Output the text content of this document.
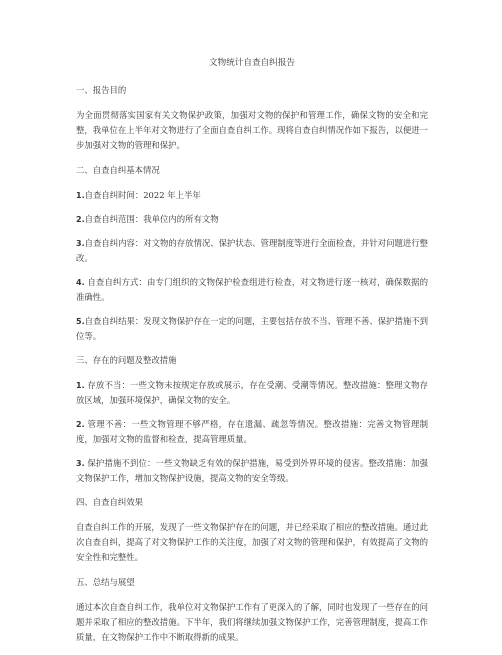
文物统计自查自纠报告
一、报告目的
为全面贯彻落实国家有关文物保护政策，加强对文物的保护和管理工作，确保文物的安全和完整，我单位在上半年对文物进行了全面自查自纠工作。现将自查自纠情况作如下报告，以便进一步加强对文物的管理和保护。
二、自查自纠基本情况
1.自查自纠时间：2022 年上半年
2.自查自纠范围：我单位内的所有文物
3.自查自纠内容：对文物的存放情况、保护状态、管理制度等进行全面检查，并针对问题进行整改。
4. 自查自纠方式：由专门组织的文物保护检查组进行检查，对文物进行逐一核对，确保数据的准确性。
5.自查自纠结果：发现文物保护存在一定的问题，主要包括存放不当、管理不善、保护措施不到位等。
三、存在的问题及整改措施
1. 存放不当：一些文物未按规定存放或展示，存在受潮、受潮等情况。整改措施：整理文物存放区域，加强环境保护，确保文物的安全。
2. 管理不善：一些文物管理不够严格，存在遗漏、疏忽等情况。整改措施：完善文物管理制度，加强对文物的监督和检查，提高管理质量。
3. 保护措施不到位：一些文物缺乏有效的保护措施，易受到外界环境的侵害。整改措施：加强文物保护工作，增加文物保护设施，提高文物的安全等级。
四、自查自纠效果
自查自纠工作的开展，发现了一些文物保护存在的问题，并已经采取了相应的整改措施。通过此次自查自纠，提高了对文物保护工作的关注度，加强了对文物的管理和保护，有效提高了文物的安全性和完整性。
五、总结与展望
通过本次自查自纠工作，我单位对文物保护工作有了更深入的了解，同时也发现了一些存在的问题并采取了相应的整改措施。下半年，我们将继续加强文物保护工作，完善管理制度，提高工作质量，在文物保护工作中不断取得新的成果。
